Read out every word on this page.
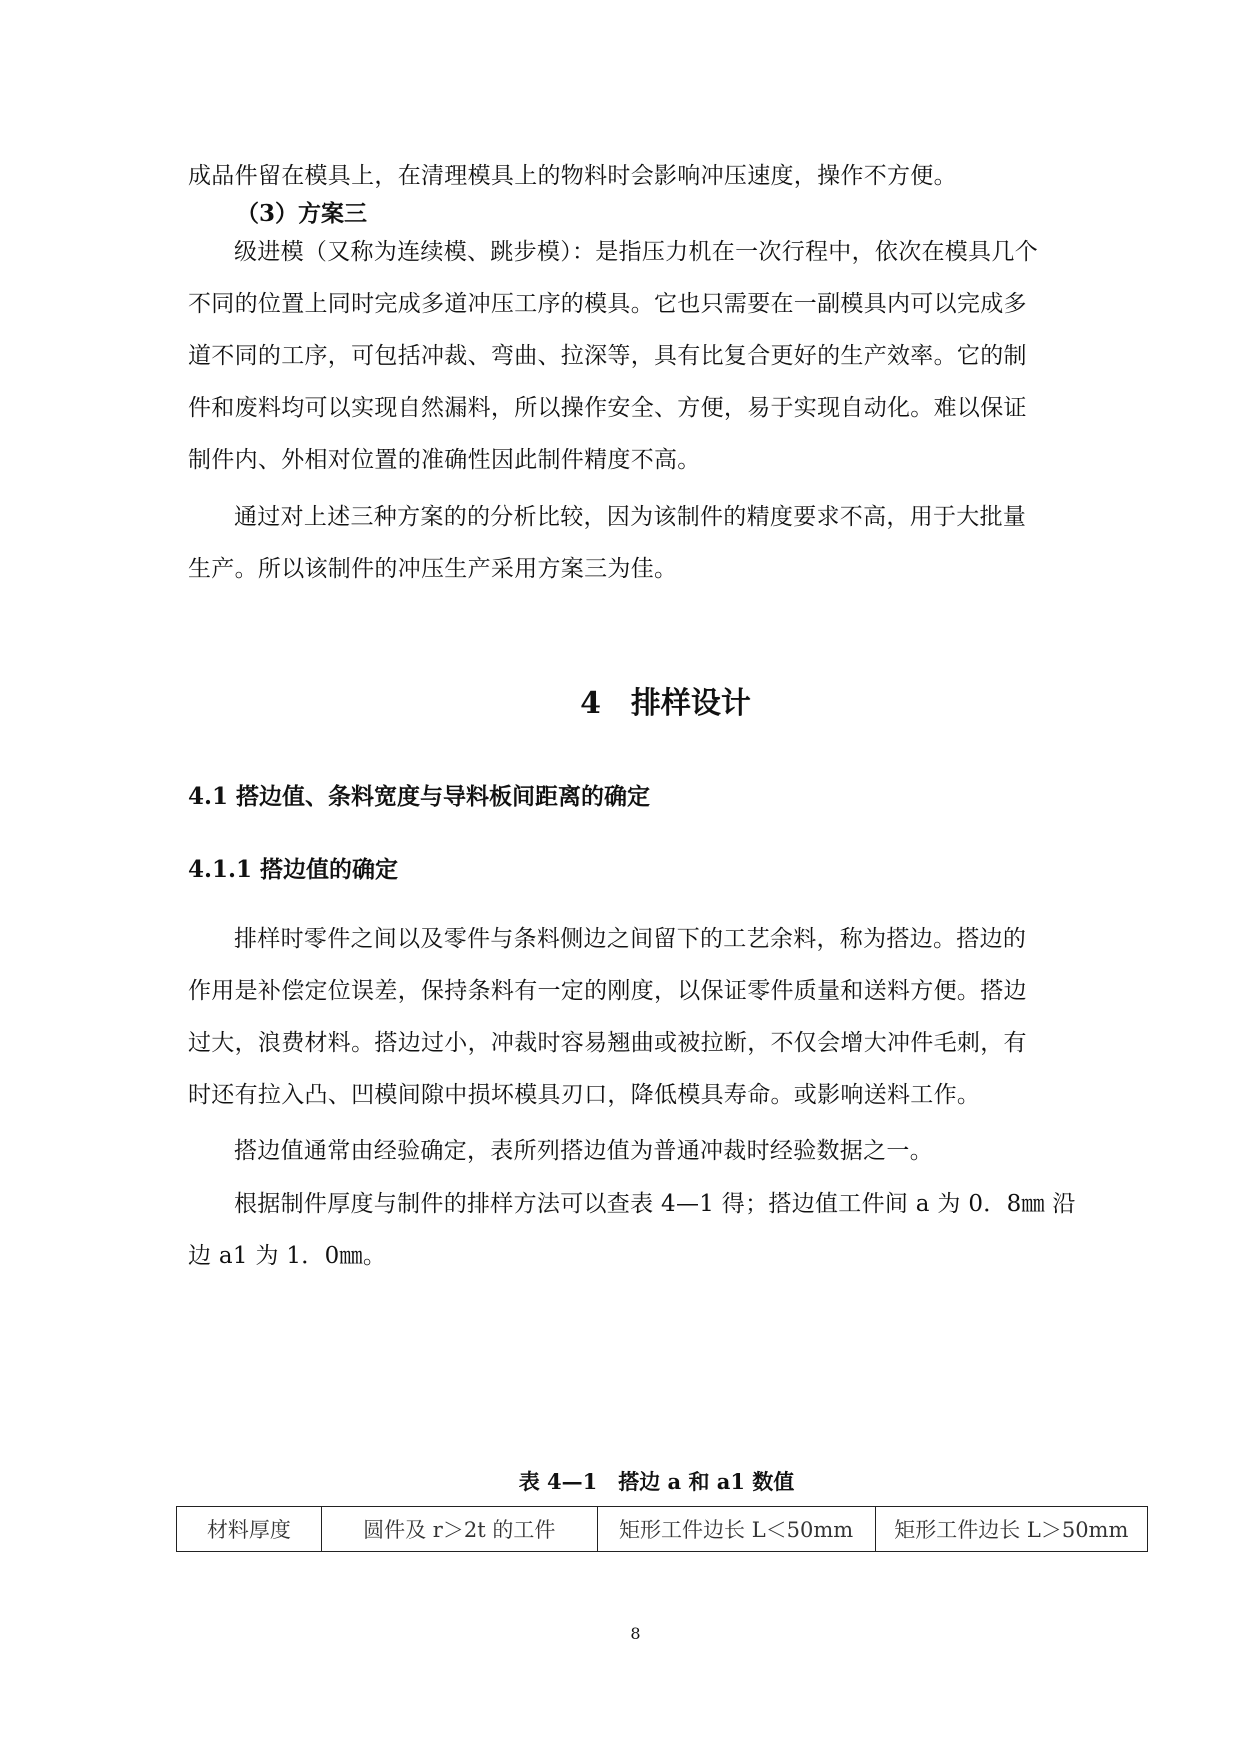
成品件留在模具上，在清理模具上的物料时会影响冲压速度，操作不方便。

（3）方案三

级进模（又称为连续模、跳步模）：是指压力机在一次行程中，依次在模具几个
不同的位置上同时完成多道冲压工序的模具。它也只需要在一副模具内可以完成多
道不同的工序，可包括冲裁、弯曲、拉深等，具有比复合更好的生产效率。它的制
件和废料均可以实现自然漏料，所以操作安全、方便，易于实现自动化。难以保证
制件内、外相对位置的准确性因此制件精度不高。

通过对上述三种方案的的分析比较，因为该制件的精度要求不高，用于大批量
生产。所以该制件的冲压生产采用方案三为佳。

4　排样设计
4.1 搭边值、条料宽度与导料板间距离的确定
4.1.1 搭边值的确定

排样时零件之间以及零件与条料侧边之间留下的工艺余料，称为搭边。搭边的
作用是补偿定位误差，保持条料有一定的刚度，以保证零件质量和送料方便。搭边
过大，浪费材料。搭边过小，冲裁时容易翘曲或被拉断，不仅会增大冲件毛刺，有
时还有拉入凸、凹模间隙中损坏模具刃口，降低模具寿命。或影响送料工作。

搭边值通常由经验确定，表所列搭边值为普通冲裁时经验数据之一。

根据制件厚度与制件的排样方法可以查表 4—1 得；搭边值工件间 a 为 0．8㎜ 沿
边 a1 为 1．0㎜。

表 4—1　搭边 a 和 a1 数值

材料厚度	圆件及 r＞2t 的工件	矩形工件边长 L＜50mm	矩形工件边长 L＞50mm
8
